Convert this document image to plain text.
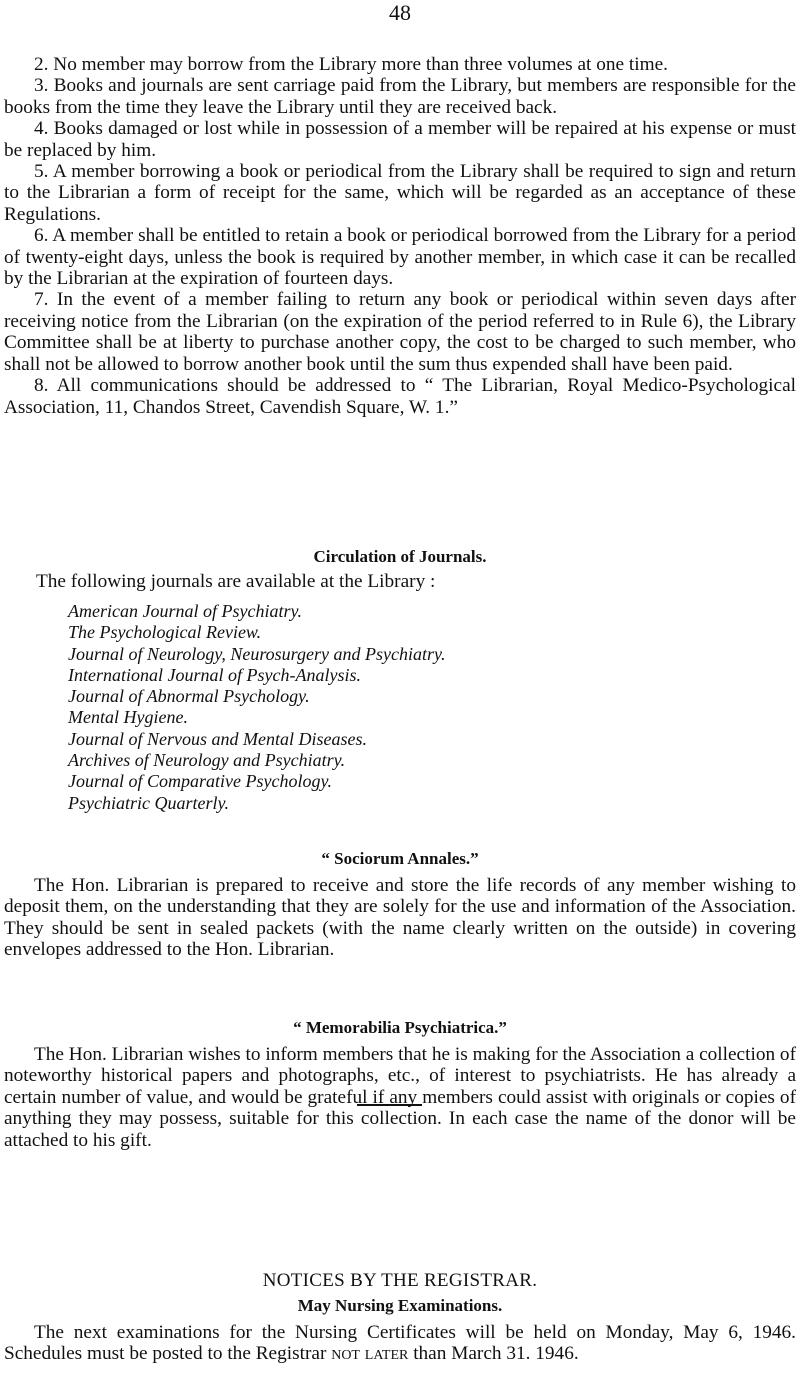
48

2. No member may borrow from the Library more than three volumes at one time.

3. Books and journals are sent carriage paid from the Library, but members are responsible for the books from the time they leave the Library until they are received back.

4. Books damaged or lost while in possession of a member will be repaired at his expense or must be replaced by him.

5. A member borrowing a book or periodical from the Library shall be required to sign and return to the Librarian a form of receipt for the same, which will be regarded as an acceptance of these Regulations.

6. A member shall be entitled to retain a book or periodical borrowed from the Library for a period of twenty-eight days, unless the book is required by another member, in which case it can be recalled by the Librarian at the expiration of fourteen days.

7. In the event of a member failing to return any book or periodical within seven days after receiving notice from the Librarian (on the expiration of the period referred to in Rule 6), the Library Committee shall be at liberty to purchase another copy, the cost to be charged to such member, who shall not be allowed to borrow another book until the sum thus expended shall have been paid.

8. All communications should be addressed to “ The Librarian, Royal Medico-Psychological Association, 11, Chandos Street, Cavendish Square, W. 1.”

Circulation of Journals.
The following journals are available at the Library :
American Journal of Psychiatry.
The Psychological Review.
Journal of Neurology, Neurosurgery and Psychiatry.
International Journal of Psych-Analysis.
Journal of Abnormal Psychology.
Mental Hygiene.
Journal of Nervous and Mental Diseases.
Archives of Neurology and Psychiatry.
Journal of Comparative Psychology.
Psychiatric Quarterly.
“ Sociorum Annales.”

The Hon. Librarian is prepared to receive and store the life records of any member wishing to deposit them, on the understanding that they are solely for the use and information of the Association. They should be sent in sealed packets (with the name clearly written on the outside) in covering envelopes addressed to the Hon. Librarian.

“ Memorabilia Psychiatrica.”

The Hon. Librarian wishes to inform members that he is making for the Association a collection of noteworthy historical papers and photographs, etc., of interest to psychiatrists. He has already a certain number of value, and would be grateful if any members could assist with originals or copies of anything they may possess, suitable for this collection. In each case the name of the donor will be attached to his gift.

NOTICES BY THE REGISTRAR.
May Nursing Examinations.

The next examinations for the Nursing Certificates will be held on Monday, May 6, 1946. Schedules must be posted to the Registrar not later than March 31. 1946.
